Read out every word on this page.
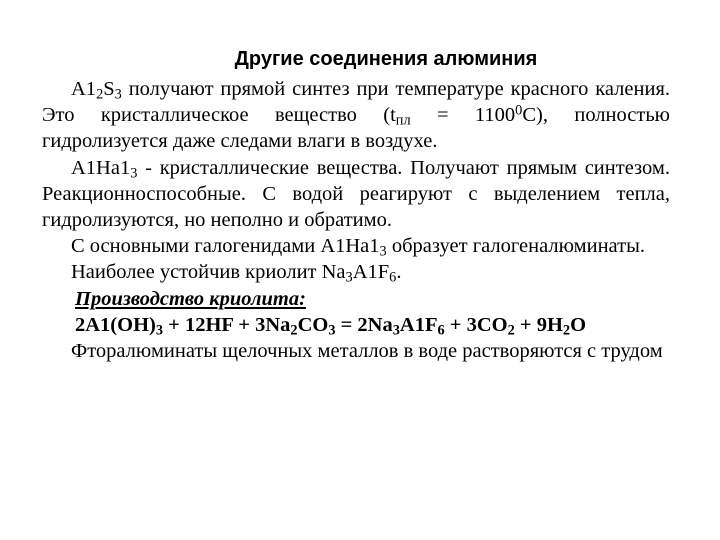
Другие соединения алюминия

$A1_2S_3$ получают прямой синтез при температуре красного каления. Это кристаллическое вещество $(t_{пл} = 1100^0C)$, полностью гидролизуется даже следами влаги в воздухе.

$A1Ha1_3$ - кристаллические вещества. Получают прямым синтезом. Реакционноспособные. С водой реагируют с выделением тепла, гидролизуются, но неполно и обратимо.

С основными галогенидами $A1Ha1_3$ образует галогеналюминаты.

Наиболее устойчив криолит $Na_3A1F_6$.

Производство криолита:

$2A1(OH)_3 + 12HF + 3Na_2CO_3 = 2Na_3A1F_6 + 3CO_2 + 9H_2O$

Фторалюминаты щелочных металлов в воде растворяются с трудом
